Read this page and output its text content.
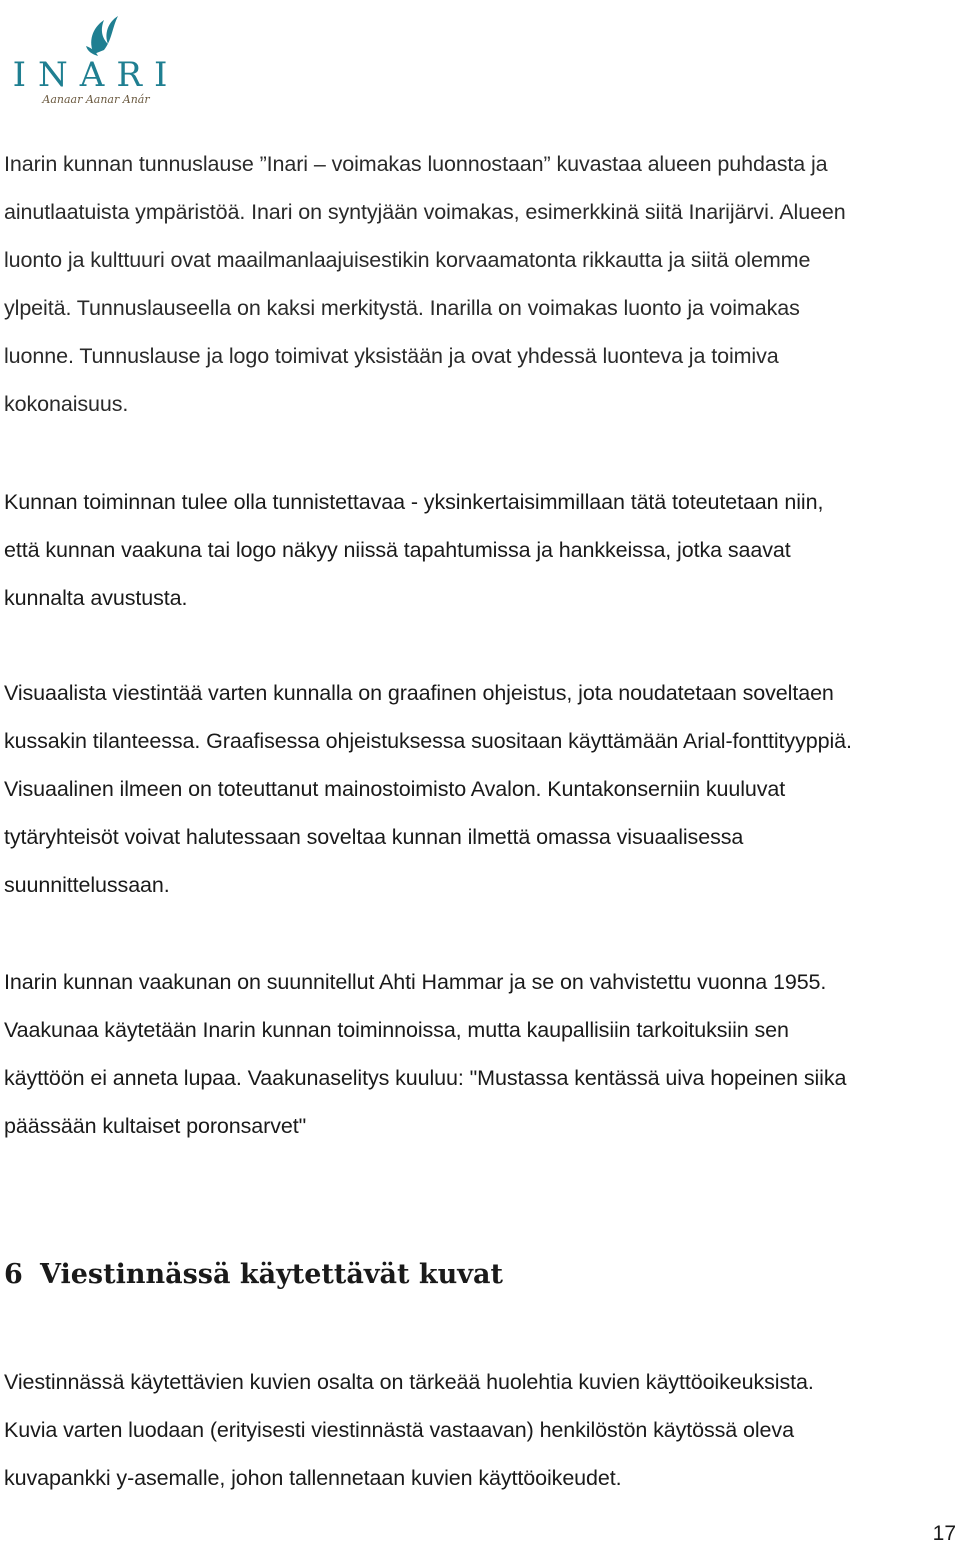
INARI
Aanaar Aanar Anár

Inarin kunnan tunnuslause ”Inari – voimakas luonnostaan” kuvastaa alueen puhdasta ja
ainutlaatuista ympäristöä. Inari on syntyjään voimakas, esimerkkinä siitä Inarijärvi. Alueen
luonto ja kulttuuri ovat maailmanlaajuisestikin korvaamatonta rikkautta ja siitä olemme
ylpeitä. Tunnuslauseella on kaksi merkitystä. Inarilla on voimakas luonto ja voimakas
luonne. Tunnuslause ja logo toimivat yksistään ja ovat yhdessä luonteva ja toimiva
kokonaisuus.

Kunnan toiminnan tulee olla tunnistettavaa - yksinkertaisimmillaan tätä toteutetaan niin,
että kunnan vaakuna tai logo näkyy niissä tapahtumissa ja hankkeissa, jotka saavat
kunnalta avustusta.

Visuaalista viestintää varten kunnalla on graafinen ohjeistus, jota noudatetaan soveltaen
kussakin tilanteessa. Graafisessa ohjeistuksessa suositaan käyttämään Arial-fonttityyppiä.
Visuaalinen ilmeen on toteuttanut mainostoimisto Avalon. Kuntakonserniin kuuluvat
tytäryhteisöt voivat halutessaan soveltaa kunnan ilmettä omassa visuaalisessa
suunnittelussaan.

Inarin kunnan vaakunan on suunnitellut Ahti Hammar ja se on vahvistettu vuonna 1955.
Vaakunaa käytetään Inarin kunnan toiminnoissa, mutta kaupallisiin tarkoituksiin sen
käyttöön ei anneta lupaa. Vaakunaselitys kuuluu: "Mustassa kentässä uiva hopeinen siika
päässään kultaiset poronsarvet"

6 Viestinnässä käytettävät kuvat

Viestinnässä käytettävien kuvien osalta on tärkeää huolehtia kuvien käyttöoikeuksista.
Kuvia varten luodaan (erityisesti viestinnästä vastaavan) henkilöstön käytössä oleva
kuvapankki y-asemalle, johon tallennetaan kuvien käyttöoikeudet.

17
